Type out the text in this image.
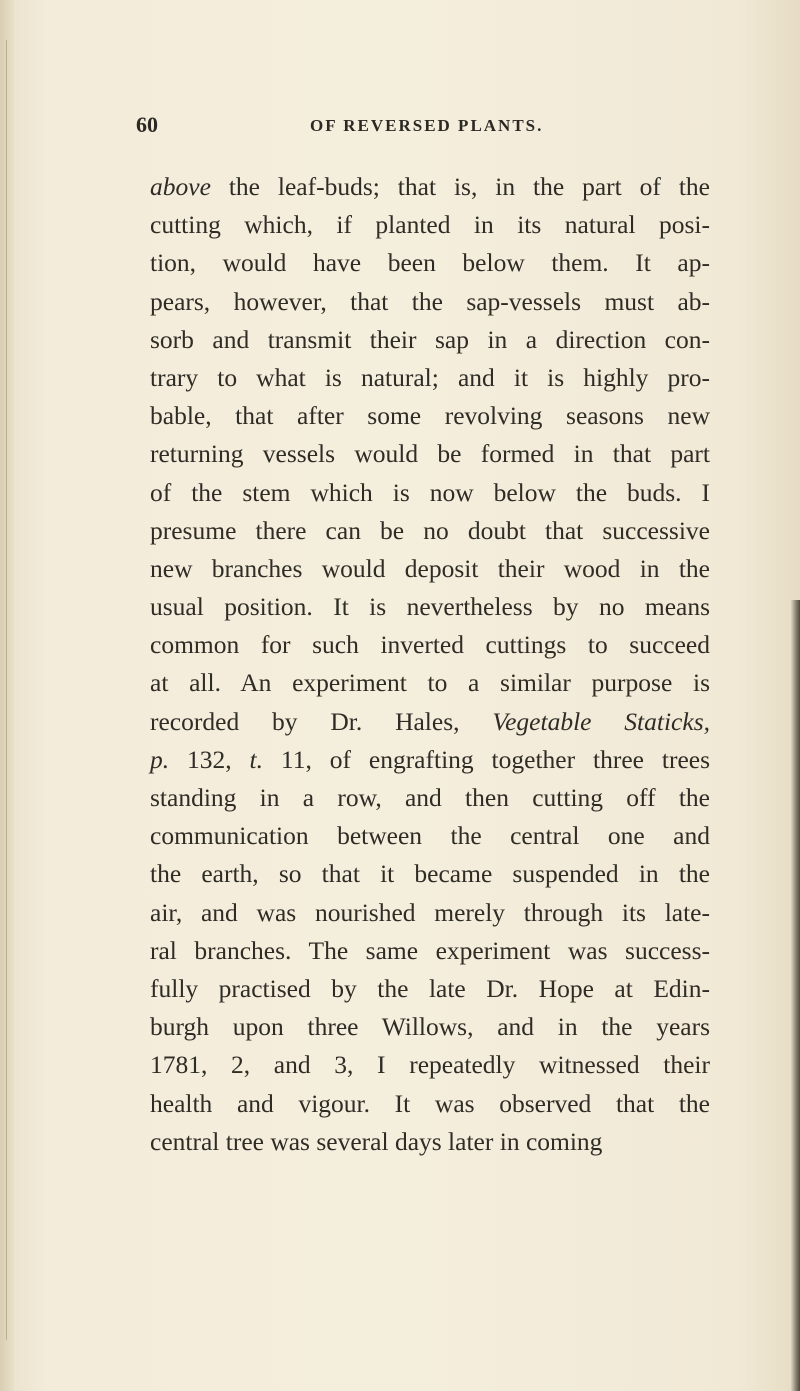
60	OF REVERSED PLANTS.
above the leaf-buds; that is, in the part of the
cutting which, if planted in its natural posi-
tion, would have been below them. It ap-
pears, however, that the sap-vessels must ab-
sorb and transmit their sap in a direction con-
trary to what is natural; and it is highly pro-
bable, that after some revolving seasons new
returning vessels would be formed in that part
of the stem which is now below the buds. I
presume there can be no doubt that successive
new branches would deposit their wood in the
usual position. It is nevertheless by no means
common for such inverted cuttings to succeed
at all. An experiment to a similar purpose is
recorded by Dr. Hales, Vegetable Staticks,
p. 132, t. 11, of engrafting together three trees
standing in a row, and then cutting off the
communication between the central one and
the earth, so that it became suspended in the
air, and was nourished merely through its late-
ral branches. The same experiment was success-
fully practised by the late Dr. Hope at Edin-
burgh upon three Willows, and in the years
1781, 2, and 3, I repeatedly witnessed their
health and vigour. It was observed that the
central tree was several days later in coming
